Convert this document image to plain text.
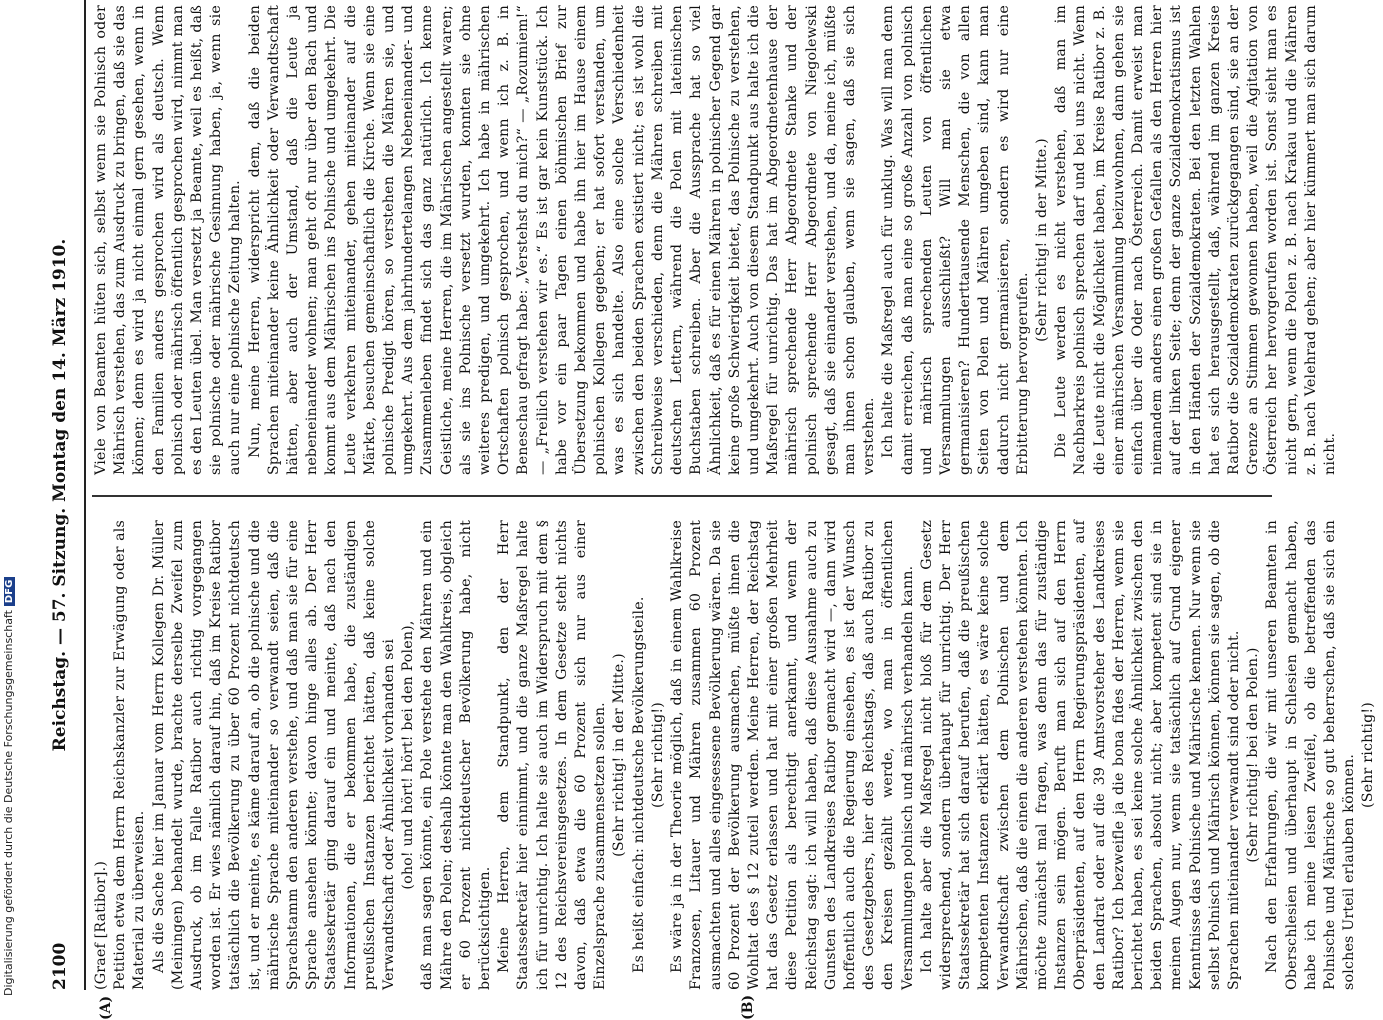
2100
Reichstag. — 57. Sitzung. Montag den 14. März 1910.
(A)	(B)

(Graef [Ratibor].) Petition etwa dem Herrn Reichskanzler zur Erwägung oder als Material zu überweisen. Als die Sache hier im Januar vom Herrn Kollegen Dr. Müller (Meiningen) behandelt wurde, brachte derselbe Zweifel zum Ausdruck, ob im Falle Ratibor auch richtig vorgegangen worden ist. Er wies nämlich darauf hin, daß im Kreise Ratibor tatsächlich die Bevölkerung zu über 60 Prozent nichtdeutsch ist, und er meinte, es käme darauf an, ob die polnische und die mährische Sprache miteinander so verwandt seien, daß die Sprachstamm den anderen verstehe, und daß man sie für eine Sprache ansehen könnte; davon hinge alles ab. Der Herr Staatssekretär ging darauf ein und meinte, daß nach den Informationen, die er bekommen habe, die zuständigen preußischen Instanzen berichtet hätten, daß keine solche Verwandtschaft oder Ähnlichkeit vorhanden sei (oho! und hört! hört! bei den Polen), daß man sagen könnte, ein Pole verstehe den Mähren und ein Mähre den Polen; deshalb könnte man den Wahlkreis, obgleich er 60 Prozent nichtdeutscher Bevölkerung habe, nicht berücksichtigen. Meine Herren, dem Standpunkt, den der Herr Staatssekretär hier einnimmt, und die ganze Maßregel halte ich für unrichtig. Ich halte sie auch im Widerspruch mit dem § 12 des Reichsvereinsgesetzes. In dem Gesetze steht nichts davon, daß etwa die 60 Prozent sich nur aus einer Einzelsprache zusammensetzen sollen. (Sehr richtig! in der Mitte.) Es heißt einfach: nichtdeutsche Bevölkerungsteile. (Sehr richtig!) Es wäre ja in der Theorie möglich, daß in einem Wahlkreise Franzosen, Litauer und Mähren zusammen 60 Prozent ausmachten und alles eingesessene Bevölkerung wären. Da sie 60 Prozent der Bevölkerung ausmachen, müßte ihnen die Wohltat des § 12 zuteil werden. Meine Herren, der Reichstag hat das Gesetz erlassen und hat mit einer großen Mehrheit diese Petition als berechtigt anerkannt, und wenn der Reichstag sagt: ich will haben, daß diese Ausnahme auch zu Gunsten des Landkreises Ratibor gemacht wird —, dann wird hoffentlich auch die Regierung einsehen, es ist der Wunsch des Gesetzgebers, hier des Reichstags, daß auch Ratibor zu den Kreisen gezählt werde, wo man in öffentlichen Versammlungen polnisch und mährisch verhandeln kann. Ich halte aber die Maßregel nicht bloß für dem Gesetz widersprechend, sondern überhaupt für unrichtig. Der Herr Staatssekretär hat sich darauf berufen, daß die preußischen kompetenten Instanzen erklärt hätten, es wäre keine solche Verwandtschaft zwischen dem Polnischen und dem Mährischen, daß die einen die anderen verstehen könnten. Ich möchte zunächst mal fragen, was denn das für zuständige Instanzen sein mögen. Beruft man sich auf den Herrn Oberpräsidenten, auf den Herrn Regierungspräsidenten, auf den Landrat oder auf die 39 Amtsvorsteher des Landkreises Ratibor? Ich bezweifle ja die bona fides der Herren, wenn sie berichtet haben, es sei keine solche Ähnlichkeit zwischen den beiden Sprachen, absolut nicht; aber kompetent sind sie in meinen Augen nur, wenn sie tatsächlich auf Grund eigener Kenntnisse das Polnische und Mährische kennen. Nur wenn sie selbst Polnisch und Mährisch können, können sie sagen, ob die Sprachen miteinander verwandt sind oder nicht. (Sehr richtig! bei den Polen.) Nach den Erfahrungen, die wir mit unseren Beamten in Oberschlesien und überhaupt in Schlesien gemacht haben, habe ich meine leisen Zweifel, ob die betreffenden das Polnische und Mährische so gut beherrschen, daß sie sich ein solches Urteil erlauben können. (Sehr richtig!)

Viele von Beamten hüten sich, selbst wenn sie Polnisch oder Mährisch verstehen, das zum Ausdruck zu bringen, daß sie das können; denn es wird ja nicht einmal gern gesehen, wenn in den Familien anders gesprochen wird als deutsch. Wenn polnisch oder mährisch öffentlich gesprochen wird, nimmt man es den Leuten übel. Man versetzt ja Beamte, weil es heißt, daß sie polnische oder mährische Gesinnung haben, ja, wenn sie auch nur eine polnische Zeitung halten. Nun, meine Herren, widerspricht dem, daß die beiden Sprachen miteinander keine Ähnlichkeit oder Verwandtschaft hätten, aber auch der Umstand, daß die Leute ja nebeneinander wohnen; man geht oft nur über den Bach und kommt aus dem Mährischen ins Polnische und umgekehrt. Die Leute verkehren miteinander, gehen miteinander auf die Märkte, besuchen gemeinschaftlich die Kirche. Wenn sie eine polnische Predigt hören, so verstehen die Mähren sie, und umgekehrt. Aus dem jahrhundertelangen Nebeneinander- und Zusammenleben findet sich das ganz natürlich. Ich kenne Geistliche, meine Herren, die im Mährischen angestellt waren; als sie ins Polnische versetzt wurden, konnten sie ohne weiteres predigen, und umgekehrt. Ich habe in mährischen Ortschaften polnisch gesprochen, und wenn ich z. B. in Beneschau gefragt habe: „Verstehst du mich?“ — „Rozumiem!“ — „Freilich verstehen wir es.“ Es ist gar kein Kunststück. Ich habe vor ein paar Tagen einen böhmischen Brief zur Übersetzung bekommen und habe ihn hier im Hause einem polnischen Kollegen gegeben; er hat sofort verstanden, um was es sich handelte. Also eine solche Verschiedenheit zwischen den beiden Sprachen existiert nicht; es ist wohl die Schreibweise verschieden, denn die Mähren schreiben mit deutschen Lettern, während die Polen mit lateinischen Buchstaben schreiben. Aber die Aussprache hat so viel Ähnlichkeit, daß es für einen Mähren in polnischer Gegend gar keine große Schwierigkeit bietet, das Polnische zu verstehen, und umgekehrt. Auch von diesem Standpunkt aus halte ich die Maßregel für unrichtig. Das hat im Abgeordnetenhause der mährisch sprechende Herr Abgeordnete Stanke und der polnisch sprechende Herr Abgeordnete von Niegolewski gesagt, daß sie einander verstehen, und da, meine ich, müßte man ihnen schon glauben, wenn sie sagen, daß sie sich verstehen. Ich halte die Maßregel auch für unklug. Was will man denn damit erreichen, daß man eine so große Anzahl von polnisch und mährisch sprechenden Leuten von öffentlichen Versammlungen ausschließt? Will man sie etwa germanisieren? Hunderttausende Menschen, die von allen Seiten von Polen und Mähren umgeben sind, kann man dadurch nicht germanisieren, sondern es wird nur eine Erbitterung hervorgerufen.

(Sehr richtig! in der Mitte.) Die Leute werden es nicht verstehen, daß man im Nachbarkreis polnisch sprechen darf und bei uns nicht. Wenn die Leute nicht die Möglichkeit haben, im Kreise Ratibor z. B. einer mährischen Versammlung beizuwohnen, dann gehen sie einfach über die Oder nach Österreich. Damit erweist man niemandem anders einen großen Gefallen als den Herren hier auf der linken Seite; denn der ganze Sozialdemokratismus ist in den Händen der Sozialdemokraten. Bei den letzten Wahlen hat es sich herausgestellt, daß, während im ganzen Kreise Ratibor die Sozialdemokraten zurückgegangen sind, sie an der Grenze an Stimmen gewonnen haben, weil die Agitation von Österreich her hervorgerufen worden ist. Sonst sieht man es nicht gern, wenn die Polen z. B. nach Krakau und die Mähren z. B. nach Velehrad gehen; aber hier kümmert man sich darum nicht.

Digitalisierung gefördert durch die Deutsche ForschungsgemeinschaftDFG
